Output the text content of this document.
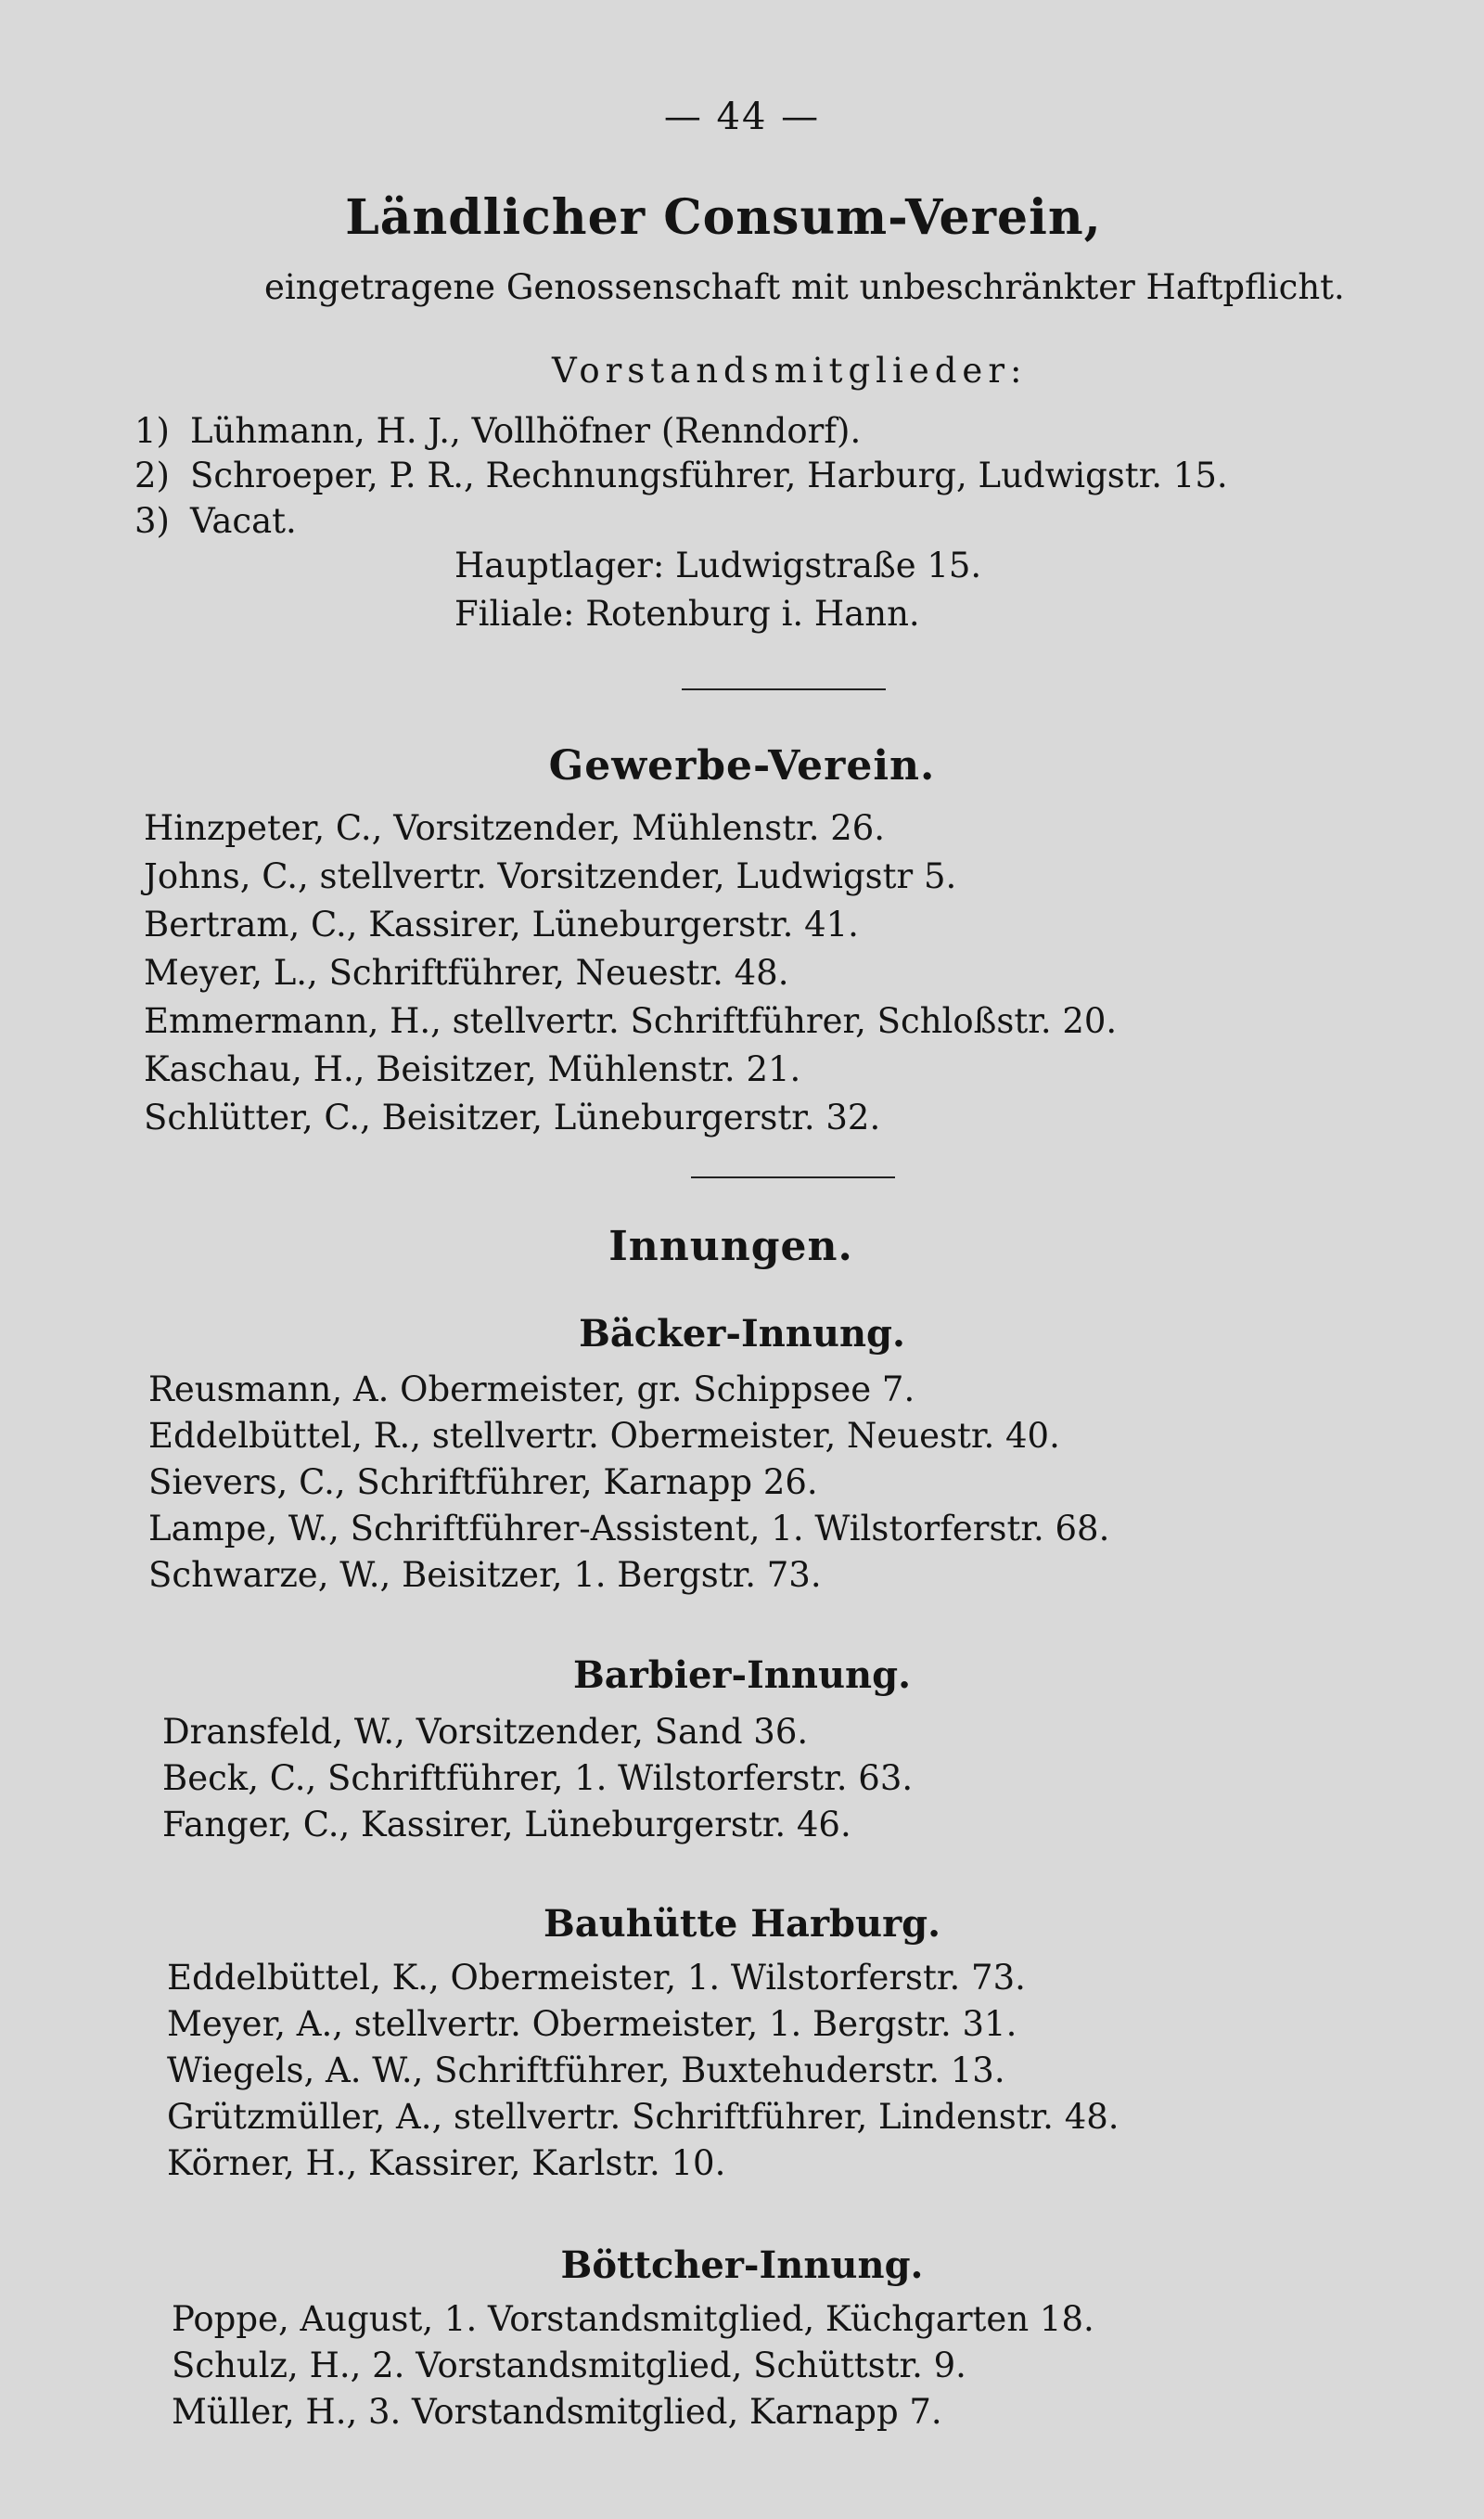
— 44 —
Ländlicher Consum-Verein,
eingetragene Genossenschaft mit unbeschränkter Haftpflicht.
Vorstandsmitglieder:
1) Lühmann, H. J., Vollhöfner (Renndorf).
2) Schroeper, P. R., Rechnungsführer, Harburg, Ludwigstr. 15.
3) Vacat.
Hauptlager: Ludwigstraße 15.
Filiale: Rotenburg i. Hann.
Gewerbe-Verein.
Hinzpeter, C., Vorsitzender, Mühlenstr. 26.
Johns, C., stellvertr. Vorsitzender, Ludwigstr 5.
Bertram, C., Kassirer, Lüneburgerstr. 41.
Meyer, L., Schriftführer, Neuestr. 48.
Emmermann, H., stellvertr. Schriftführer, Schloßstr. 20.
Kaschau, H., Beisitzer, Mühlenstr. 21.
Schlütter, C., Beisitzer, Lüneburgerstr. 32.
Innungen.
Bäcker-Innung.
Reusmann, A. Obermeister, gr. Schippsee 7.
Eddelbüttel, R., stellvertr. Obermeister, Neuestr. 40.
Sievers, C., Schriftführer, Karnapp 26.
Lampe, W., Schriftführer-Assistent, 1. Wilstorferstr. 68.
Schwarze, W., Beisitzer, 1. Bergstr. 73.
Barbier-Innung.
Dransfeld, W., Vorsitzender, Sand 36.
Beck, C., Schriftführer, 1. Wilstorferstr. 63.
Fanger, C., Kassirer, Lüneburgerstr. 46.
Bauhütte Harburg.
Eddelbüttel, K., Obermeister, 1. Wilstorferstr. 73.
Meyer, A., stellvertr. Obermeister, 1. Bergstr. 31.
Wiegels, A. W., Schriftführer, Buxtehuderstr. 13.
Grützmüller, A., stellvertr. Schriftführer, Lindenstr. 48.
Körner, H., Kassirer, Karlstr. 10.
Böttcher-Innung.
Poppe, August, 1. Vorstandsmitglied, Küchgarten 18.
Schulz, H., 2. Vorstandsmitglied, Schüttstr. 9.
Müller, H., 3. Vorstandsmitglied, Karnapp 7.
